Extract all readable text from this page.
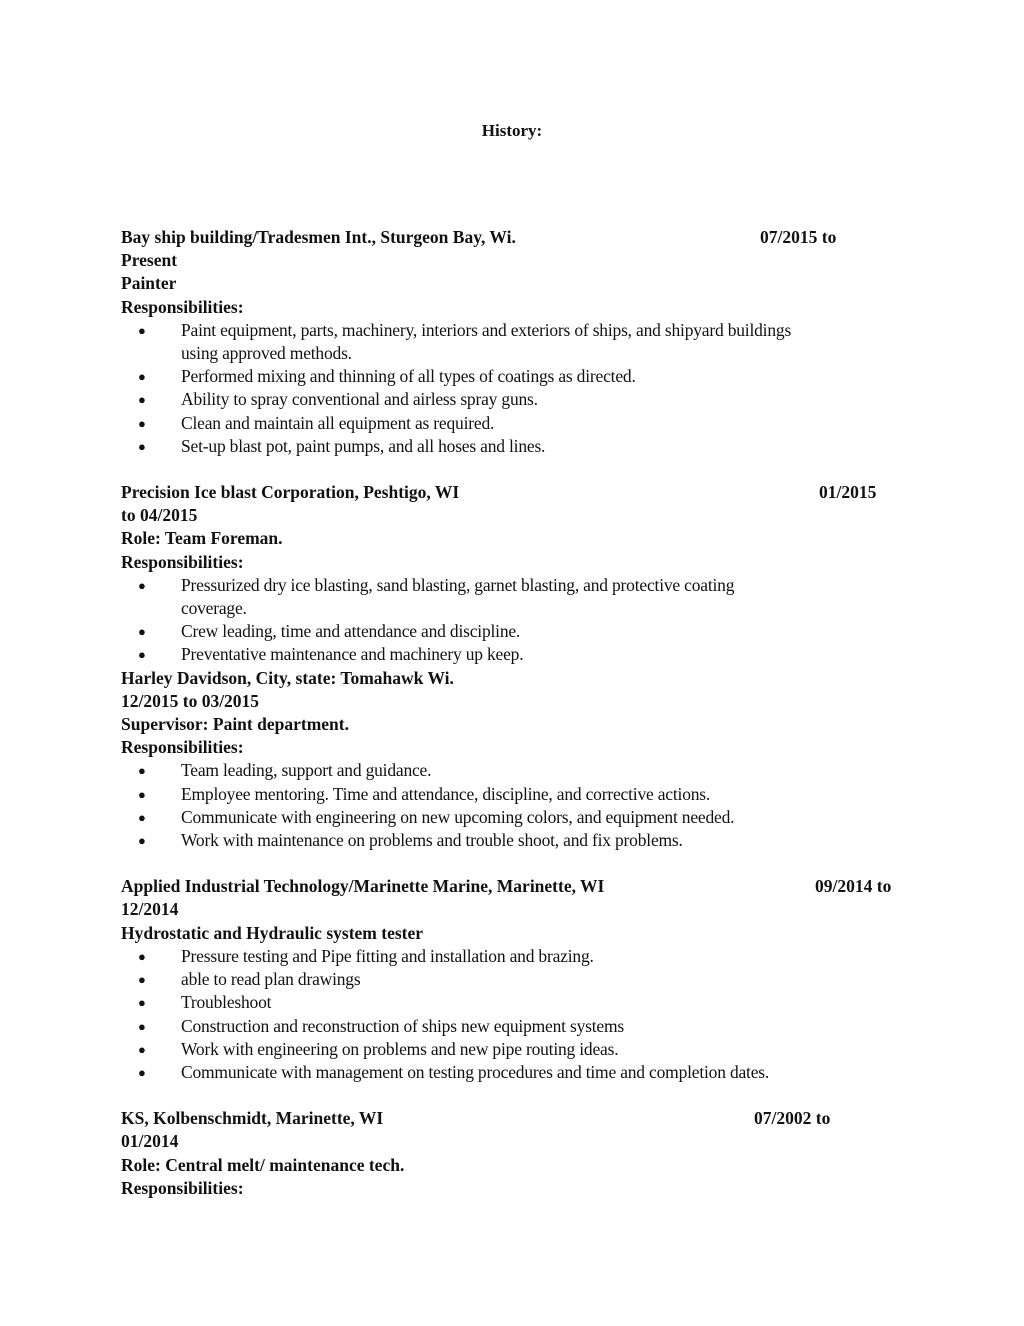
History:
Bay ship building/Tradesmen Int., Sturgeon Bay, Wi.	07/2015 to
Present
Painter
Responsibilities:
● Paint equipment, parts, machinery, interiors and exteriors of ships, and shipyard buildings
using approved methods.
● Performed mixing and thinning of all types of coatings as directed.
● Ability to spray conventional and airless spray guns.
● Clean and maintain all equipment as required.
● Set-up blast pot, paint pumps, and all hoses and lines.
Precision Ice blast Corporation, Peshtigo, WI	01/2015
to 04/2015
Role: Team Foreman.
Responsibilities:
● Pressurized dry ice blasting, sand blasting, garnet blasting, and protective coating
coverage.
● Crew leading, time and attendance and discipline.
● Preventative maintenance and machinery up keep.
Harley Davidson, City, state: Tomahawk Wi.
12/2015 to 03/2015
Supervisor: Paint department.
Responsibilities:
● Team leading, support and guidance.
● Employee mentoring. Time and attendance, discipline, and corrective actions.
● Communicate with engineering on new upcoming colors, and equipment needed.
● Work with maintenance on problems and trouble shoot, and fix problems.
Applied Industrial Technology/Marinette Marine, Marinette, WI	09/2014 to
12/2014
Hydrostatic and Hydraulic system tester
● Pressure testing and Pipe fitting and installation and brazing.
● able to read plan drawings
● Troubleshoot
● Construction and reconstruction of ships new equipment systems
● Work with engineering on problems and new pipe routing ideas.
● Communicate with management on testing procedures and time and completion dates.
KS, Kolbenschmidt, Marinette, WI	07/2002 to
01/2014
Role: Central melt/ maintenance tech.
Responsibilities:
